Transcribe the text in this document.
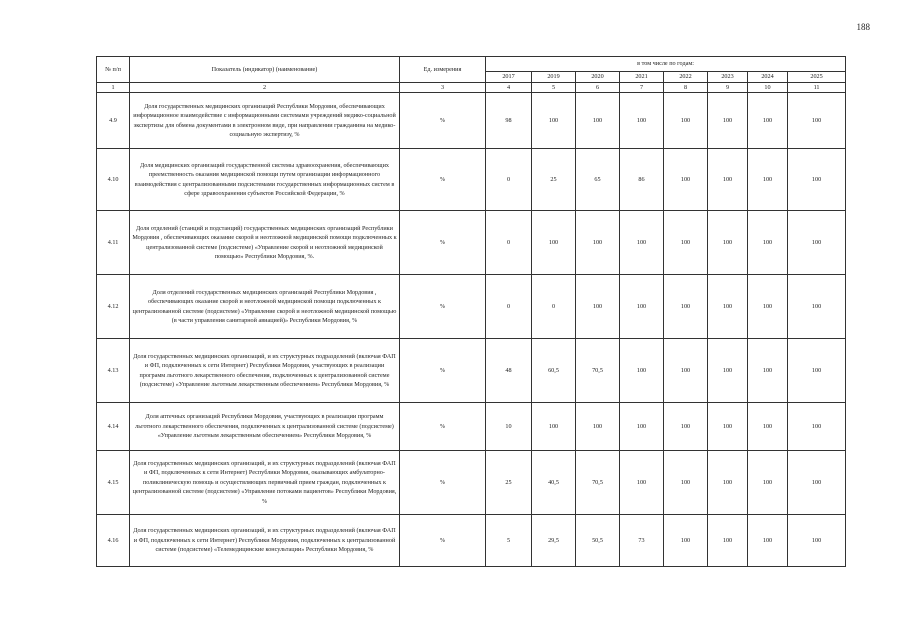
188
№ п/п	Показатель (индикатор) (наименование)	Ед. измерения	в том числе по годам:							
			2017	2019	2020	2021	2022	2023	2024	2025
1	2	3	4	5	6	7	8	9	10	11
4.9	Доля государственных медицинских организаций Республики Мордовия, обеспечивающих информационное взаимодействие с информационными системами учреждений медико-социальной экспертизы для обмена документами в электронном виде, при направлении гражданина на медико-социальную экспертизу, %	%	98	100	100	100	100	100	100	100
4.10	Доля медицинских организаций государственной системы здравоохранения, обеспечивающих преемственность оказания медицинской помощи путем организации информационного взаимодействия с централизованными подсистемами государственных информационных систем в сфере здравоохранения субъектов Российской Федерации, %	%	0	25	65	86	100	100	100	100
4.11	Доля отделений (станций и подстанций) государственных медицинских организаций Республики Мордовия , обеспечивающих оказание скорой и неотложной медицинской помощи подключенных к централизованной системе (подсистеме) «Управление скорой и неотложной медицинской помощью» Республики Мордовия, %.	%	0	100	100	100	100	100	100	100
4.12	Доля отделений государственных медицинских организаций Республики Мордовия , обеспечивающих оказание скорой и неотложной медицинской помощи подключенных к централизованной системе (подсистеме) «Управление скорой и неотложной медицинской помощью (в части управления санитарной авиацией)» Республики Мордовия, %	%	0	0	100	100	100	100	100	100
4.13	Доля государственных медицинских организаций, и их структурных подразделений (включая ФАП и ФП, подключенных к сети Интернет) Республики Мордовия, участвующих в реализации программ льготного лекарственного обеспечения, подключенных к централизованной системе (подсистеме) «Управление льготным лекарственным обеспечением» Республики Мордовия, %	%	48	60,5	70,5	100	100	100	100	100
4.14	Доля аптечных организаций Республики Мордовия, участвующих в реализации программ льготного лекарственного обеспечения, подключенных к централизованной системе (подсистеме) «Управление льготным лекарственным обеспечением» Республики Мордовия, %	%	10	100	100	100	100	100	100	100
4.15	Доля государственных медицинских организаций, и их структурных подразделений (включая ФАП и ФП, подключенных к сети Интернет) Республики Мордовия, оказывающих амбулаторно-поликлиническую помощь и осуществляющих первичный прием граждан, подключенных к централизованной системе (подсистеме) «Управление потоками пациентов» Республики Мордовия, %	%	25	40,5	70,5	100	100	100	100	100
4.16	Доля государственных медицинских организаций, и их структурных подразделений (включая ФАП и ФП, подключенных к сети Интернет) Республики Мордовия, подключенных к централизованной системе (подсистеме) «Телемедицинские консультации» Республики Мордовия, %	%	5	29,5	50,5	73	100	100	100	100
